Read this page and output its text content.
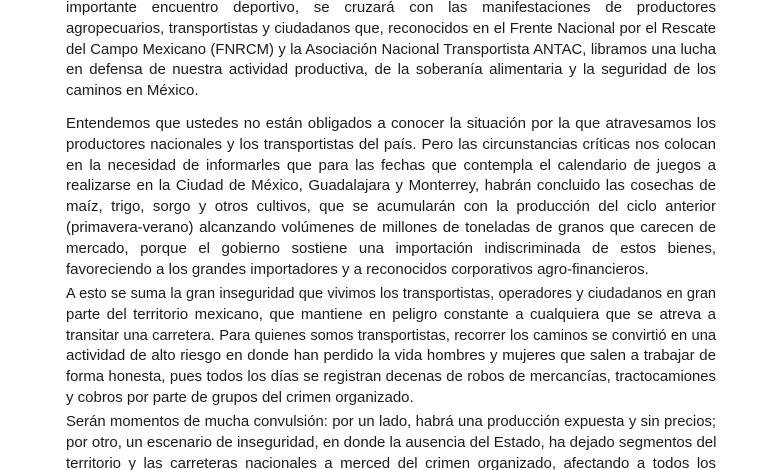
importante encuentro deportivo, se cruzará con las manifestaciones de productores
agropecuarios, transportistas y ciudadanos que, reconocidos en el Frente Nacional por el Rescate
del Campo Mexicano (FNRCM) y la Asociación Nacional Transportista ANTAC, libramos una lucha
en defensa de nuestra actividad productiva, de la soberanía alimentaria y la seguridad de los
caminos en México.
Entendemos que ustedes no están obligados a conocer la situación por la que atravesamos los
productores nacionales y los transportistas del país. Pero las circunstancias críticas nos colocan
en la necesidad de informarles que para las fechas que contempla el calendario de juegos a
realizarse en la Ciudad de México, Guadalajara y Monterrey, habrán concluido las cosechas de
maíz, trigo, sorgo y otros cultivos, que se acumularán con la producción del ciclo anterior
(primavera-verano) alcanzando volúmenes de millones de toneladas de granos que carecen de
mercado, porque el gobierno sostiene una importación indiscriminada de estos bienes,
favoreciendo a los grandes importadores y a reconocidos corporativos agro-financieros.
A esto se suma la gran inseguridad que vivimos los transportistas, operadores y ciudadanos en gran
parte del territorio mexicano, que mantiene en peligro constante a cualquiera que se atreva a
transitar una carretera. Para quienes somos transportistas, recorrer los caminos se convirtió en una
actividad de alto riesgo en donde han perdido la vida hombres y mujeres que salen a trabajar de
forma honesta, pues todos los días se registran decenas de robos de mercancías, tractocamiones
y cobros por parte de grupos del crimen organizado.
Serán momentos de mucha convulsión: por un lado, habrá una producción expuesta y sin precios;
por otro, un escenario de inseguridad, en donde la ausencia del Estado, ha dejado segmentos del
territorio y las carreteras nacionales a merced del crimen organizado, afectando a todos los
